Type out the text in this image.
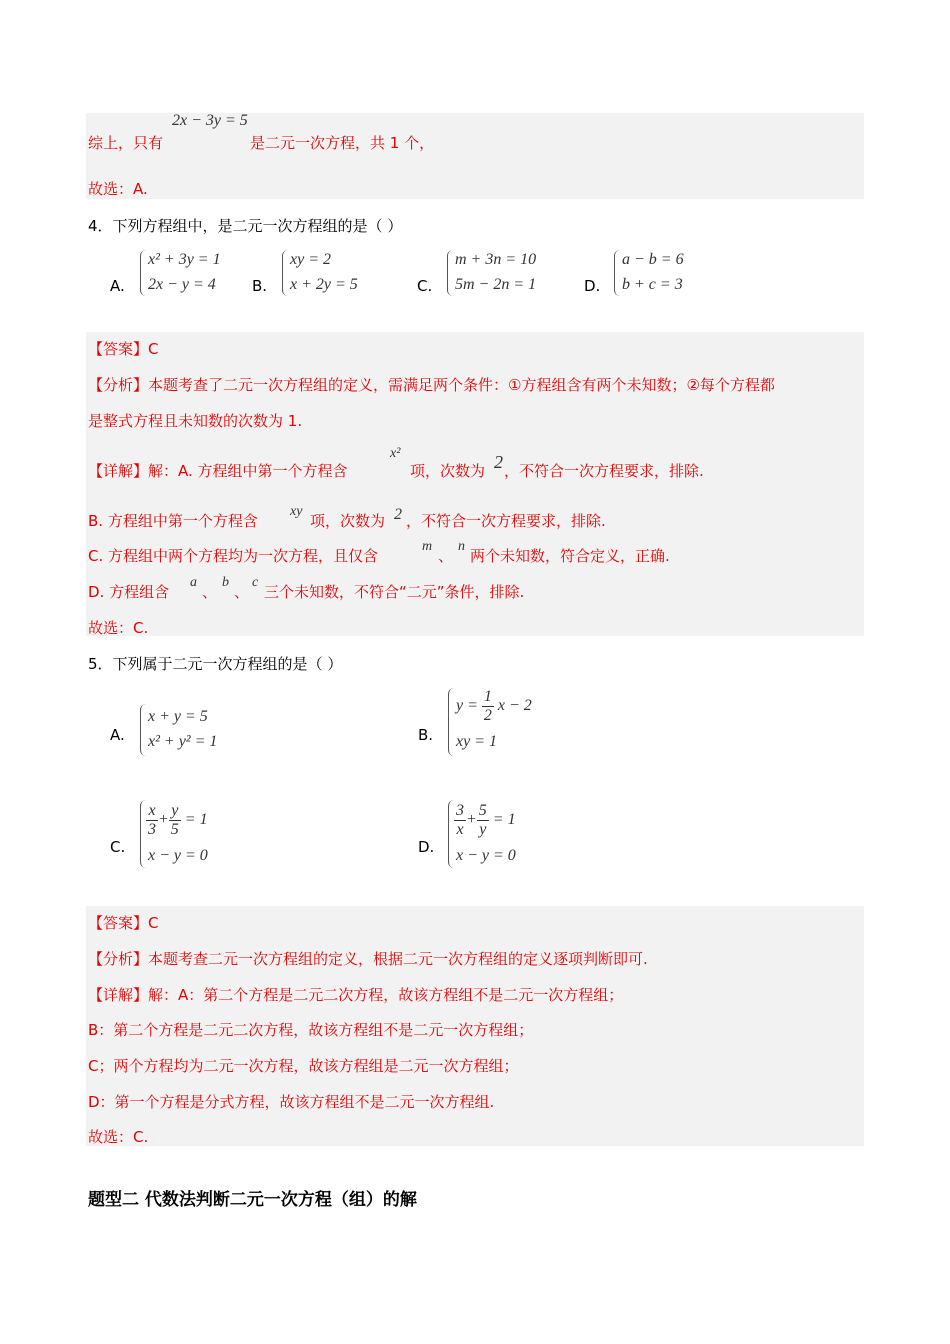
综上，只有
2x − 3y = 5
是二元一次方程，共 1 个，
故选：A.
4．下列方程组中，是二元一次方程组的是（ ）
A.
x² + 3y = 1
2x − y = 4 B.
xy = 2
x + 2y = 5	C.
m + 3n = 10
5m − 2n = 1	D.
a − b = 6
b + c = 3
【答案】C
【分析】本题考查了二元一次方程组的定义，需满足两个条件：①方程组含有两个未知数；②每个方程都
是整式方程且未知数的次数为 1.
【详解】解：A. 方程组中第一个方程含
x²
项，次数为 2 ，不符合一次方程要求，排除.
B. 方程组中第一个方程含
xy
项，次数为 2 ，不符合一次方程要求，排除.
C. 方程组中两个方程均为一次方程，且仅含
m
、
n
两个未知数，符合定义，正确.
D. 方程组含
a
、
b
、
c
三个未知数，不符合“二元”条件，排除.
故选：C.
5．下列属于二元一次方程组的是（ ）
A.
x + y = 5
x² + y² = 1	B.
$y = \frac{1}{2}$ x − 2
xy = 1
C.
$\frac{x}{3} + \frac{y}{5} = 1$
x − y = 0	D.
$\frac{3}{x} + \frac{5}{y} = 1$
x − y = 0
【答案】C
【分析】本题考查二元一次方程组的定义，根据二元一次方程组的定义逐项判断即可.
【详解】解：A：第二个方程是二元二次方程，故该方程组不是二元一次方程组；
B：第二个方程是二元二次方程，故该方程组不是二元一次方程组；
C；两个方程均为二元一次方程，故该方程组是二元一次方程组；
D：第一个方程是分式方程，故该方程组不是二元一次方程组.
故选：C.
题型二 代数法判断二元一次方程（组）的解
